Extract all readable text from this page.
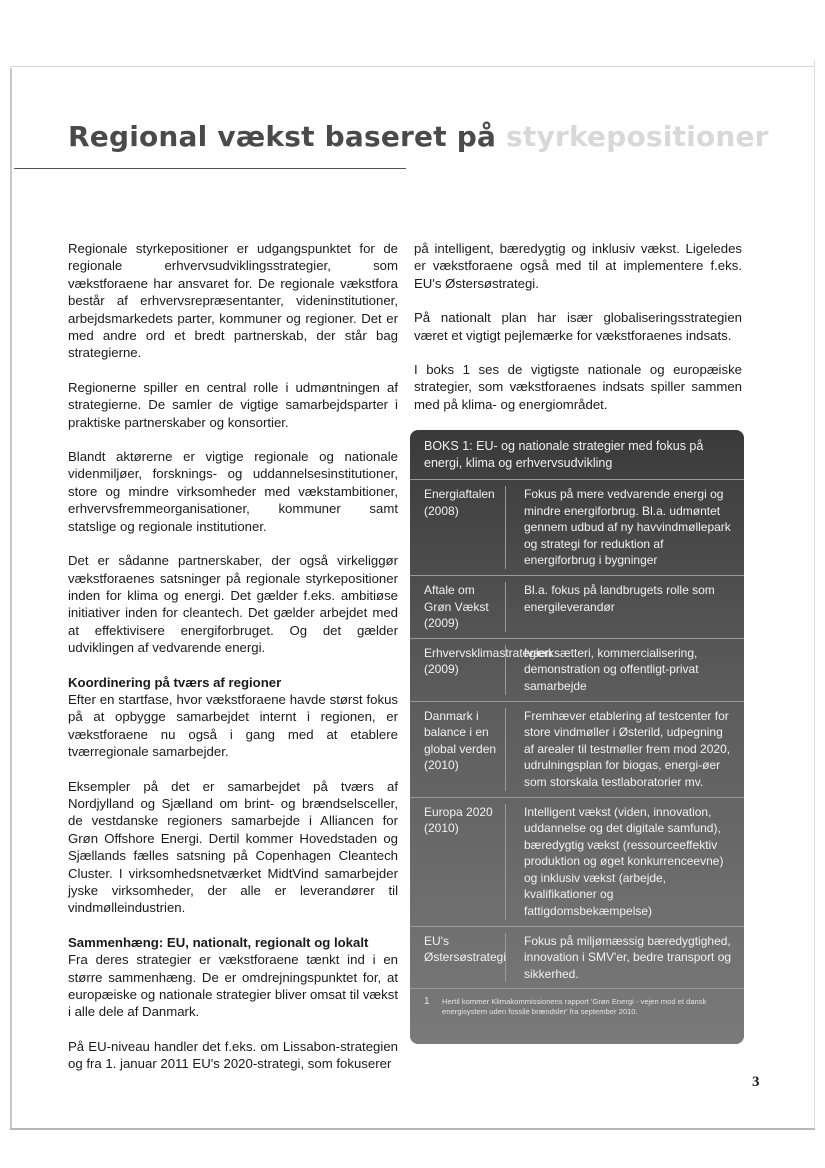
Regional vækst baseret på styrkepositioner

Regionale styrkepositioner er udgangspunktet for de regionale erhvervsudviklingsstrategier, som vækstforaene har ansvaret for. De regionale vækstfora består af erhvervsrepræsentanter, videninstitutioner, arbejdsmarkedets parter, kommuner og regioner. Det er med andre ord et bredt partnerskab, der står bag strategierne.

Regionerne spiller en central rolle i udmøntningen af strategierne. De samler de vigtige samarbejdsparter i praktiske partnerskaber og konsortier.

Blandt aktørerne er vigtige regionale og nationale videnmiljøer, forsknings- og uddannelsesinstitutioner, store og mindre virksomheder med vækstambitioner, erhvervsfremmeorganisationer, kommuner samt statslige og regionale institutioner.

Det er sådanne partnerskaber, der også virkeliggør vækstforaenes satsninger på regionale styrkepositioner inden for klima og energi. Det gælder f.eks. ambitiøse initiativer inden for cleantech. Det gælder arbejdet med at effektivisere energiforbruget. Og det gælder udviklingen af vedvarende energi.

Koordinering på tværs af regioner

Efter en startfase, hvor vækstforaene havde størst fokus på at opbygge samarbejdet internt i regionen, er vækstforaene nu også i gang med at etablere tværregionale samarbejder.

Eksempler på det er samarbejdet på tværs af Nordjylland og Sjælland om brint- og brændselsceller, de vestdanske regioners samarbejde i Alliancen for Grøn Offshore Energi. Dertil kommer Hovedstaden og Sjællands fælles satsning på Copenhagen Cleantech Cluster. I virksomhedsnetværket MidtVind samarbejder jyske virksomheder, der alle er leverandører til vindmølleindustrien.

Sammenhæng: EU, nationalt, regionalt og lokalt

Fra deres strategier er vækstforaene tænkt ind i en større sammenhæng. De er omdrejningspunktet for, at europæiske og nationale strategier bliver omsat til vækst i alle dele af Danmark.

På EU-niveau handler det f.eks. om Lissabon-strategien og fra 1. januar 2011 EU's 2020-strategi, som fokuserer

på intelligent, bæredygtig og inklusiv vækst. Ligeledes er vækstforaene også med til at implementere f.eks. EU's Østersøstrategi.

På nationalt plan har især globaliseringsstrategien været et vigtigt pejlemærke for vækstforaenes indsats.

I boks 1 ses de vigtigste nationale og europæiske strategier, som vækstforaenes indsats spiller sammen med på klima- og energiområdet.

BOKS 1: EU- og nationale strategier med fokus på energi, klima og erhvervsudvikling
Energiaftalen (2008)
Fokus på mere vedvarende energi og mindre energiforbrug. Bl.a. udmøntet gennem udbud af ny havvindmøllepark og strategi for reduktion af energiforbrug i bygninger
Aftale om Grøn Vækst (2009)
Bl.a. fokus på landbrugets rolle som energileverandør
Erhvervsklimastrategien (2009)
Iværksætteri, kommercialisering, demonstration og offentligt-privat samarbejde
Danmark i balance i en global verden (2010)
Fremhæver etablering af testcenter for store vindmøller i Østerild, udpegning af arealer til testmøller frem mod 2020, udrulningsplan for biogas, energi-øer som storskala testlaboratorier mv.
Europa 2020 (2010)
Intelligent vækst (viden, innovation, uddannelse og det digitale samfund), bæredygtig vækst (ressourceeffektiv produktion og øget konkurrenceevne) og inklusiv vækst (arbejde, kvalifikationer og fattigdomsbekæmpelse)
EU's Østersøstrategi
Fokus på miljømæssig bæredygtighed, innovation i SMV'er, bedre transport og sikkerhed.
1	Hertil kommer Klimakommissionens rapport 'Grøn Energi - vejen mod et dansk energisystem uden fossile brændsler' fra september 2010.
3
